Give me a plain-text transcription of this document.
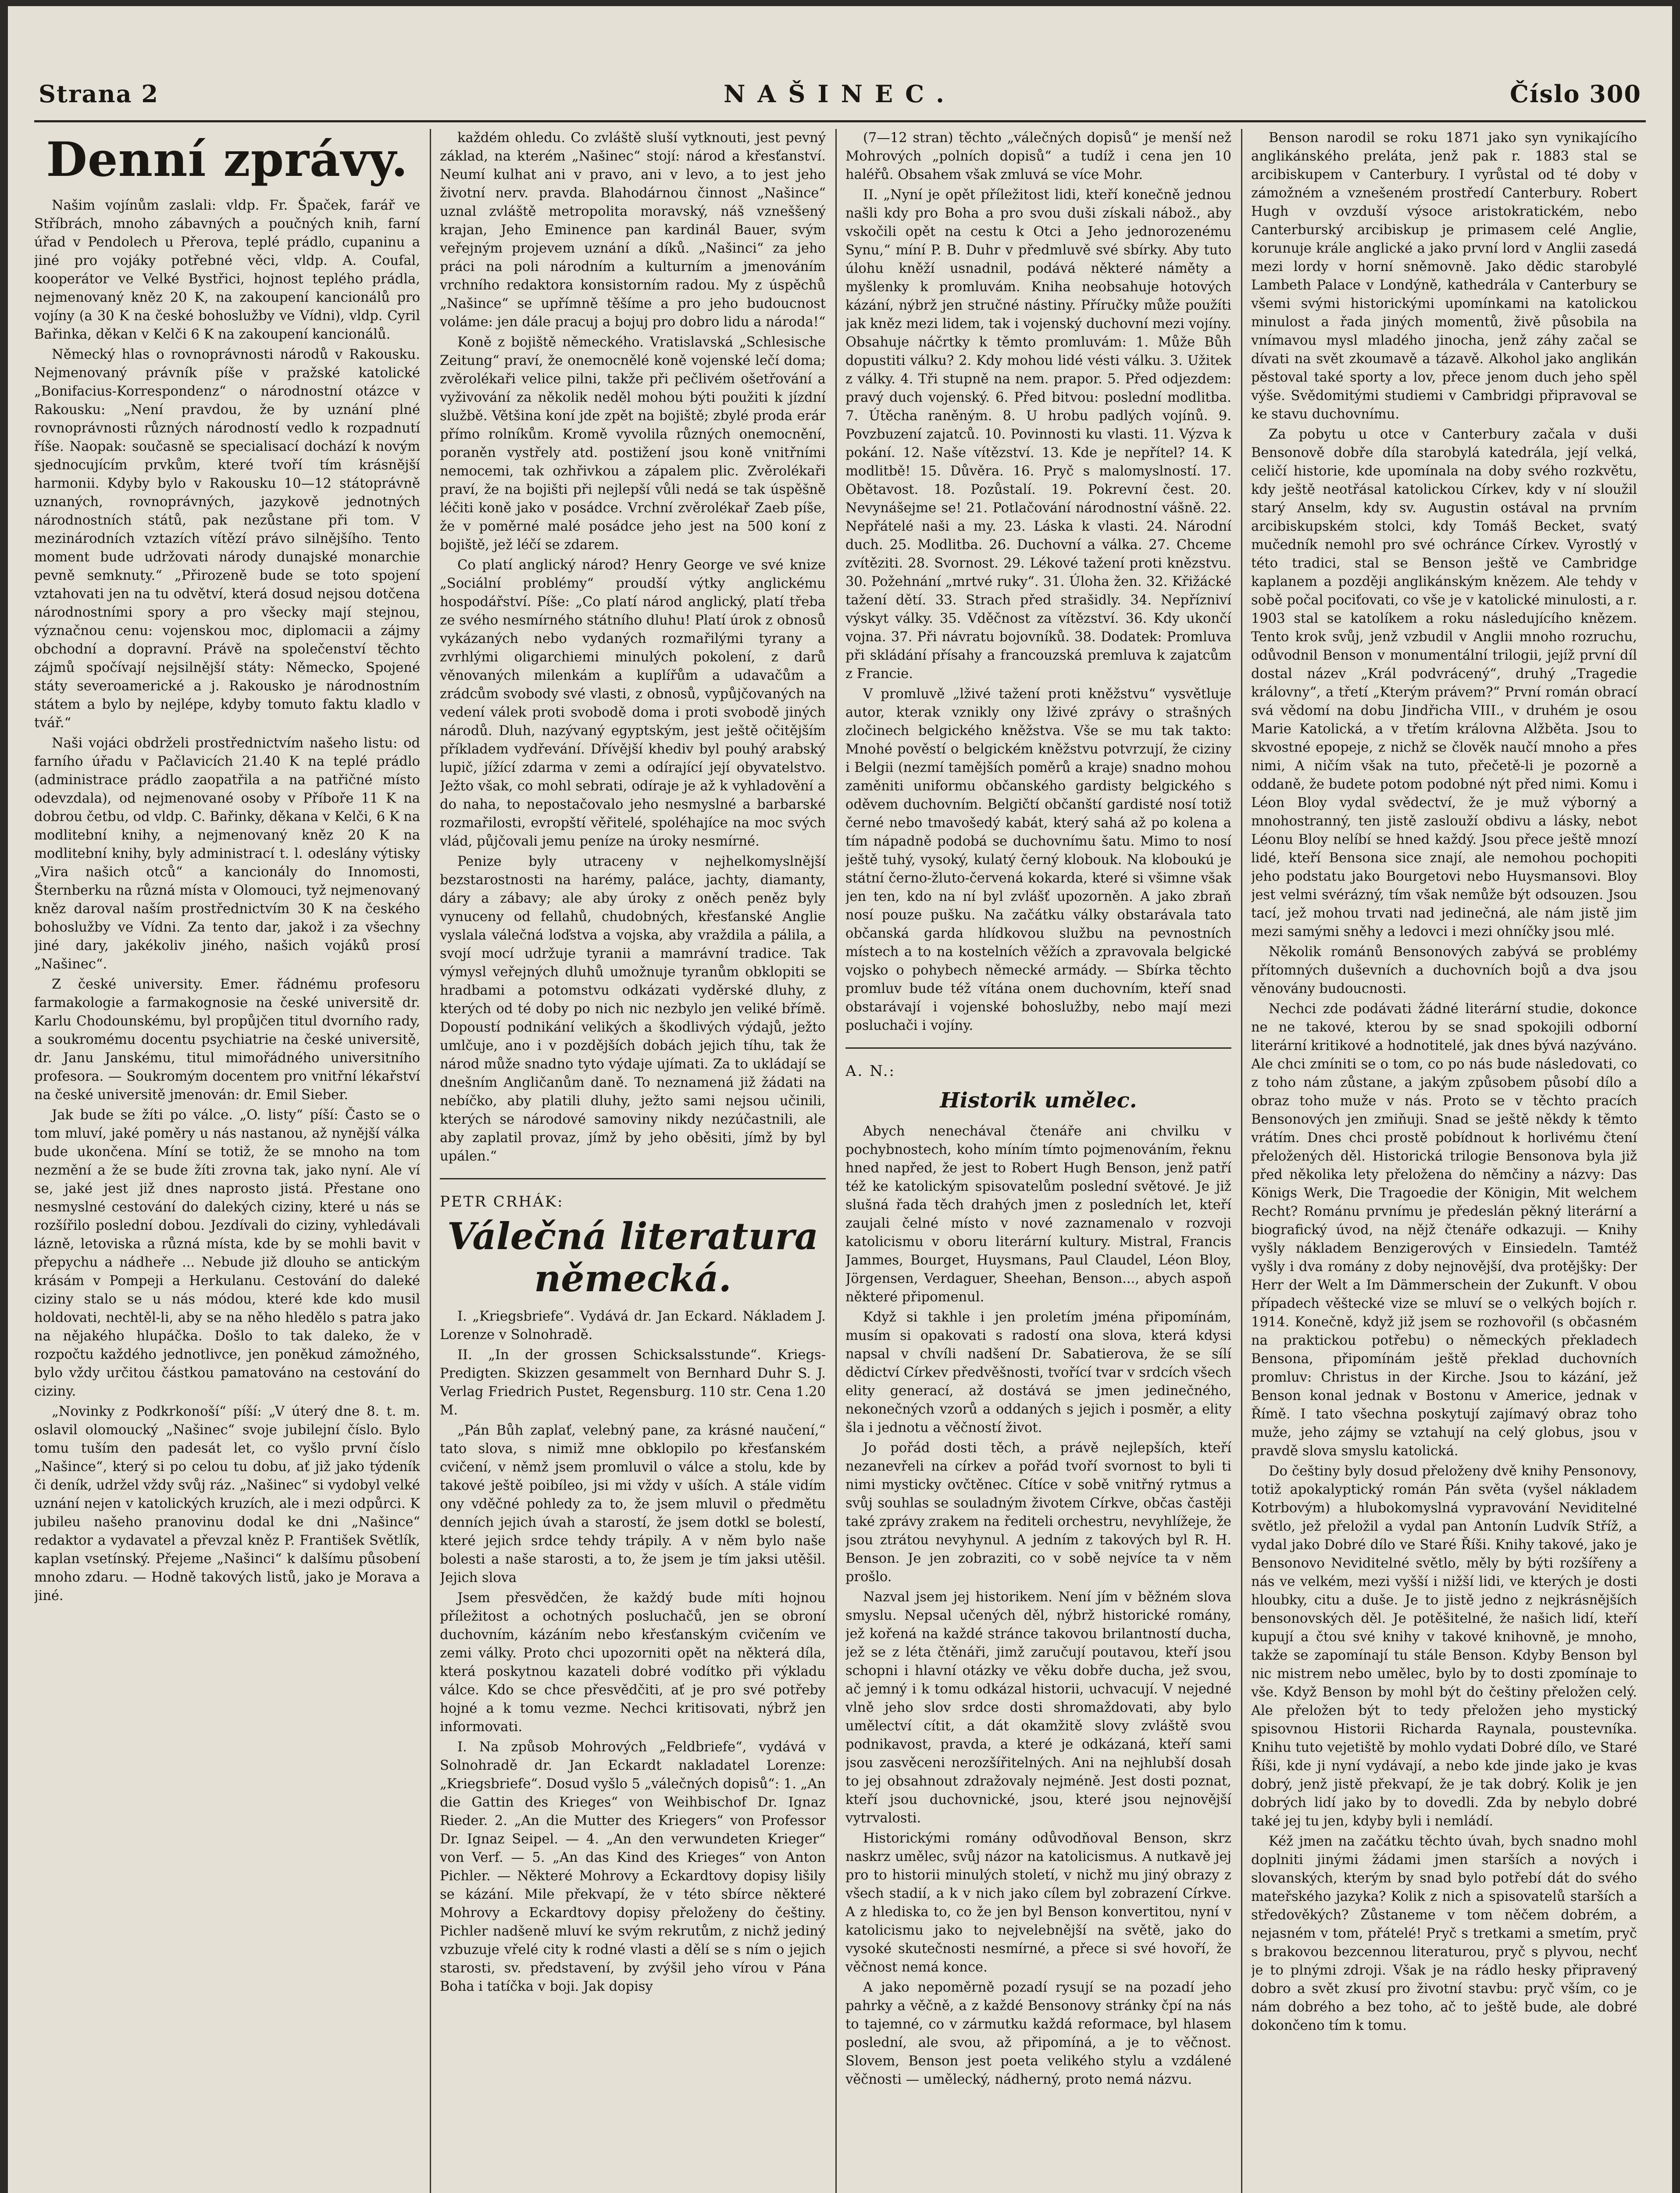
Strana 2	NAŠINEC.	Číslo 300
Denní zprávy.

Našim vojínům zaslali: vldp. Fr. Špaček, farář ve Stříbrách, mnoho zábavných a poučných knih, farní úřad v Pendolech u Přerova, teplé prádlo, cupaninu a jiné pro vojáky potřebné věci, vldp. A. Coufal, kooperátor ve Velké Bystřici, hojnost teplého prádla, nejmenovaný kněz 20 K, na zakoupení kancionálů pro vojíny (a 30 K na české bohoslužby ve Vídni), vldp. Cyril Bařinka, děkan v Kelči 6 K na zakoupení kancionálů.

Německý hlas o rovnoprávnosti národů v Rakousku. Nejmenovaný právník píše v pražské katolické „Bonifacius-Korrespondenz“ o národnostní otázce v Rakousku: „Není pravdou, že by uznání plné rovnoprávnosti různých národností vedlo k rozpadnutí říše. Naopak: současně se specialisací dochází k novým sjednocujícím prvkům, které tvoří tím krásnější harmonii. Kdyby bylo v Rakousku 10—12 státoprávně uznaných, rovnoprávných, jazykově jednotných národnostních států, pak nezůstane při tom. V mezinárodních vztazích vítězí právo silnějšího. Tento moment bude udržovati národy dunajské monarchie pevně semknuty.“ „Přirozeně bude se toto spojení vztahovati jen na tu odvětví, která dosud nejsou dotčena národnostními spory a pro všecky mají stejnou, význačnou cenu: vojenskou moc, diplomacii a zájmy obchodní a dopravní. Právě na společenství těchto zájmů spočívají nejsilnější státy: Německo, Spojené státy severoamerické a j. Rakousko je národnostním státem a bylo by nejlépe, kdyby tomuto faktu kladlo v tvář.“

Naši vojáci obdrželi prostřednictvím našeho listu: od farního úřadu v Pačlavicích 21.40 K na teplé prádlo (administrace prádlo zaopatřila a na patřičné místo odevzdala), od nejmenované osoby v Příboře 11 K na dobrou četbu, od vldp. C. Bařinky, děkana v Kelči, 6 K na modlitební knihy, a nejmenovaný kněz 20 K na modlitební knihy, byly administrací t. l. odeslány výtisky „Vira našich otců“ a kancionály do Innomosti, Šternberku na různá místa v Olomouci, tyž nejmenovaný kněz daroval naším prostřednictvím 30 K na českého bohoslužby ve Vídni. Za tento dar, jakož i za všechny jiné dary, jakékoliv jiného, našich vojáků prosí „Našinec“.

Z české university. Emer. řádnému profesoru farmakologie a farmakognosie na české universitě dr. Karlu Chodounskému, byl propůjčen titul dvorního rady, a soukromému docentu psychiatrie na české universitě, dr. Janu Janskému, titul mimořádného universitního profesora. — Soukromým docentem pro vnitřní lékařství na české universitě jmenován: dr. Emil Sieber.

Jak bude se žíti po válce. „O. listy“ píší: Často se o tom mluví, jaké poměry u nás nastanou, až nynější válka bude ukončena. Míní se totiž, že se mnoho na tom nezmění a že se bude žíti zrovna tak, jako nyní. Ale ví se, jaké jest již dnes naprosto jistá. Přestane ono nesmyslné cestování do dalekých ciziny, které u nás se rozšířilo poslední dobou. Jezdívali do ciziny, vyhledávali lázně, letoviska a různá místa, kde by se mohli bavit v přepychu a nádheře ... Nebude již dlouho se antickým krásám v Pompeji a Herkulanu. Cestování do daleké ciziny stalo se u nás módou, které kde kdo musil holdovati, nechtěl-li, aby se na něho hledělo s patra jako na nějakého hlupáčka. Došlo to tak daleko, že v rozpočtu každého jednotlivce, jen poněkud zámožného, bylo vždy určitou částkou pamatováno na cestování do ciziny.

„Novinky z Podkrkonoší“ píší: „V úterý dne 8. t. m. oslavil olomoucký „Našinec“ svoje jubilejní číslo. Bylo tomu tuším den padesát let, co vyšlo první číslo „Našince“, který si po celou tu dobu, ať již jako týdeník či deník, udržel vždy svůj ráz. „Našinec“ si vydobyl velké uznání nejen v katolických kruzích, ale i mezi odpůrci. K jubileu našeho pranovinu dodal ke dni „Našince“ redaktor a vydavatel a převzal kněz P. František Světlík, kaplan vsetínský. Přejeme „Našinci“ k dalšímu působení mnoho zdaru. — Hodně takových listů, jako je Morava a jiné.

každém ohledu. Co zvláště sluší vytknouti, jest pevný základ, na kterém „Našinec“ stojí: národ a křesťanství. Neumí kulhat ani v pravo, ani v levo, a to jest jeho životní nerv. pravda. Blahodárnou činnost „Našince“ uznal zvláště metropolita moravský, náš vzneššený krajan, Jeho Eminence pan kardinál Bauer, svým veřejným projevem uznání a díků. „Našinci“ za jeho práci na poli národním a kulturním a jmenováním vrchního redaktora konsistorním radou. My z úspěchů „Našince“ se upřímně těšíme a pro jeho budoucnost voláme: jen dále pracuj a bojuj pro dobro lidu a národa!“

Koně z bojiště německého. Vratislavská „Schlesische Zeitung“ praví, že onemocnělé koně vojenské lečí doma; zvěrolékaři velice pilni, takže při pečlivém ošetřování a vyživování za několik neděl mohou býti použiti k jízdní službě. Většina koní jde zpět na bojiště; zbylé proda erár přímo rolníkům. Kromě vyvolila různých onemocnění, poraněn vystřely atd. postižení jsou koně vnitřními nemocemi, tak ozhřivkou a zápalem plic. Zvěrolékaři praví, že na bojišti při nejlepší vůli nedá se tak úspěšně léčiti koně jako v posádce. Vrchní zvěrolékař Zaeb píše, že v poměrné malé posádce jeho jest na 500 koní z bojiště, jež léčí se zdarem.

Co platí anglický národ? Henry George ve své knize „Sociální problémy“ proudší výtky anglickému hospodářství. Píše: „Co platí národ anglický, platí třeba ze svého nesmírného státního dluhu! Platí úrok z obnosů vykázaných nebo vydaných rozmařilými tyrany a zvrhlými oligarchiemi minulých pokolení, z darů věnovaných milenkám a kuplířům a udavačům a zrádcům svobody své vlasti, z obnosů, vypůjčovaných na vedení válek proti svobodě doma i proti svobodě jiných národů. Dluh, nazývaný egyptským, jest ještě očitějším příkladem vydřevání. Dřívější khediv byl pouhý arabský lupič, jížící zdarma v zemi a odírající její obyvatelstvo. Ježto však, co mohl sebrati, odíraje je až k vyhladovění a do naha, to nepostačovalo jeho nesmyslné a barbarské rozmařilosti, evropští věřitelé, spoléhajíce na moc svých vlád, půjčovali jemu peníze na úroky nesmírné.

Penize byly utraceny v nejhelkomyslnější bezstarostnosti na harémy, paláce, jachty, diamanty, dáry a zábavy; ale aby úroky z oněch peněz byly vynuceny od fellahů, chudobných, křesťanské Anglie vyslala válečná loďstva a vojska, aby vraždila a pálila, a svojí mocí udržuje tyranii a mamrávní tradice. Tak výmysl veřejných dluhů umožnuje tyranům obklopiti se hradbami a potomstvu odkázati vyděrské dluhy, z kterých od té doby po nich nic nezbylo jen veliké břímě. Dopoustí podnikání velikých a škodlivých výdajů, ježto umlčuje, ano i v pozdějších dobách jejich tíhu, tak že národ může snadno tyto výdaje ujímati. Za to ukládají se dnešním Angličanům daně. To neznamená již žádati na nebíčko, aby platili dluhy, ježto sami nejsou učinili, kterých se národové samoviny nikdy nezúčastnili, ale aby zaplatil provaz, jímž by jeho oběsiti, jímž by byl upálen.“

PETR CRHÁK:
Válečná literatura německá.

I. „Kriegsbriefe“. Vydává dr. Jan Eckard. Nákladem J. Lorenze v Solnohradě.

II. „In der grossen Schicksalsstunde“. Kriegs-Predigten. Skizzen gesammelt von Bernhard Duhr S. J. Verlag Friedrich Pustet, Regensburg. 110 str. Cena 1.20 M.

„Pán Bůh zaplať, velebný pane, za krásné naučení,“ tato slova, s nimiž mne obklopilo po křesťanském cvičení, v němž jsem promluvil o válce a stolu, kde by takové ještě poibíleo, jsi mi vždy v uších. A stále vidím ony vděčné pohledy za to, že jsem mluvil o předmětu denních jejich úvah a starostí, že jsem dotkl se bolestí, které jejich srdce tehdy trápily. A v něm bylo naše bolesti a naše starosti, a to, že jsem je tím jaksi utěšil. Jejich slova

Jsem přesvědčen, že každý bude míti hojnou příležitost a ochotných posluchačů, jen se obroní duchovním, kázáním nebo křesťanským cvičením ve zemi války. Proto chci upozorniti opět na některá díla, která poskytnou kazateli dobré vodítko při výkladu válce. Kdo se chce přesvědčiti, ať je pro své potřeby hojné a k tomu vezme. Nechci kritisovati, nýbrž jen informovati.

I. Na způsob Mohrových „Feldbriefe“, vydává v Solnohradě dr. Jan Eckardt nakladatel Lorenze: „Kriegsbriefe“. Dosud vyšlo 5 „válečných dopisů“: 1. „An die Gattin des Krieges“ von Weihbischof Dr. Ignaz Rieder. 2. „An die Mutter des Kriegers“ von Professor Dr. Ignaz Seipel. — 4. „An den verwundeten Krieger“ von Verf. — 5. „An das Kind des Krieges“ von Anton Pichler. — Některé Mohrovy a Eckardtovy dopisy lišily se kázání. Mile překvapí, že v této sbírce některé Mohrovy a Eckardtovy dopisy přeloženy do češtiny. Pichler nadšeně mluví ke svým rekrutům, z nichž jediný vzbuzuje vřelé city k rodné vlasti a dělí se s ním o jejich starosti, sv. představení, by zvýšil jeho vírou v Pána Boha i tatíčka v boji. Jak dopisy

(7—12 stran) těchto „válečných dopisů“ je menší než Mohrových „polních dopisů“ a tudíž i cena jen 10 haléřů. Obsahem však zmluvá se více Mohr.

II. „Nyní je opět příležitost lidi, kteří konečně jednou našli kdy pro Boha a pro svou duši získali nábož., aby vskočili opět na cestu k Otci a Jeho jednorozenému Synu,“ míní P. B. Duhr v předmluvě své sbírky. Aby tuto úlohu kněží usnadnil, podává některé náměty a myšlenky k promluvám. Kniha neobsahuje hotových kázání, nýbrž jen stručné nástiny. Příručky může použíti jak kněz mezi lidem, tak i vojenský duchovní mezi vojíny. Obsahuje náčrtky k těmto promluvám: 1. Může Bůh dopustiti válku? 2. Kdy mohou lidé vésti válku. 3. Užitek z války. 4. Tři stupně na nem. prapor. 5. Před odjezdem: pravý duch vojenský. 6. Před bitvou: poslední modlitba. 7. Útěcha raněným. 8. U hrobu padlých vojínů. 9. Povzbuzení zajatců. 10. Povinnosti ku vlasti. 11. Výzva k pokání. 12. Naše vítězství. 13. Kde je nepřítel? 14. K modlitbě! 15. Důvěra. 16. Pryč s malomyslností. 17. Obětavost. 18. Pozůstalí. 19. Pokrevní čest. 20. Nevynášejme se! 21. Potlačování národnostní vášně. 22. Nepřátelé naši a my. 23. Láska k vlasti. 24. Národní duch. 25. Modlitba. 26. Duchovní a válka. 27. Chceme zvítěziti. 28. Svornost. 29. Lékové tažení proti knězstvu. 30. Požehnání „mrtvé ruky“. 31. Úloha žen. 32. Křižácké tažení dětí. 33. Strach před strašidly. 34. Nepřízniví výskyt války. 35. Vděčnost za vítězství. 36. Kdy ukončí vojna. 37. Při návratu bojovníků. 38. Dodatek: Promluva při skládání přísahy a francouzská premluva k zajatcům z Francie.

V promluvě „lživé tažení proti kněžstvu“ vysvětluje autor, kterak vznikly ony lživé zprávy o strašných zločinech belgického kněžstva. Vše se mu tak takto: Mnohé pověstí o belgickém kněžstvu potvrzují, že ciziny i Belgii (nezmí tamějších poměrů a kraje) snadno mohou zaměniti uniformu občanského gardisty belgického s oděvem duchovním. Belgičtí občanští gardisté nosí totiž černé nebo tmavošedý kabát, který sahá až po kolena a tím nápadně podobá se duchovnímu šatu. Mimo to nosí ještě tuhý, vysoký, kulatý černý klobouk. Na kloboukú je státní černo-žluto-červená kokarda, které si všimne však jen ten, kdo na ní byl zvlášť upozorněn. A jako zbraň nosí pouze pušku. Na začátku války obstarávala tato občanská garda hlídkovou službu na pevnostních místech a to na kostelních věžích a zpravovala belgické vojsko o pohybech německé armády. — Sbírka těchto promluv bude též vítána onem duchovním, kteří snad obstarávají i vojenské bohoslužby, nebo mají mezi posluchači i vojíny.

A. N.:
Historik umělec.

Abych nenechával čtenáře ani chvilku v pochybnostech, koho míním tímto pojmenováním, řeknu hned napřed, že jest to Robert Hugh Benson, jenž patří též ke katolickým spisovatelům poslední světové. Je již slušná řada těch drahých jmen z posledních let, kteří zaujali čelné místo v nové zaznamenalo v rozvoji katolicismu v oboru literární kultury. Mistral, Francis Jammes, Bourget, Huysmans, Paul Claudel, Léon Bloy, Jörgensen, Verdaguer, Sheehan, Benson..., abych aspoň některé připomenul.

Když si takhle i jen proletím jména připomínám, musím si opakovati s radostí ona slova, která kdysi napsal v chvíli nadšení Dr. Sabatierova, že se sílí dědictví Církev předvěšnosti, tvořící tvar v srdcích všech elity generací, až dostává se jmen jedinečného, nekonečných vzorů a oddaných s jejich i posměr, a elity šla i jednotu a věčností život.

Jo pořád dosti těch, a právě nejlepších, kteří nezanevřeli na církev a pořád tvoří svornost to byli ti nimi mysticky ovčtěnec. Cítíce v sobě vnitřný rytmus a svůj souhlas se souladným životem Církve, občas častěji také zprávy zrakem na řediteli orchestru, nevyhlížeje, že jsou ztrátou nevyhynul. A jedním z takových byl R. H. Benson. Je jen zobraziti, co v sobě nejvíce ta v něm prošlo.

Nazval jsem jej historikem. Není jím v běžném slova smyslu. Nepsal učených děl, nýbrž historické romány, jež kořená na každé stránce takovou brilantností ducha, jež se z léta čtěnáři, jimž zaručují poutavou, kteří jsou schopni i hlavní otázky ve věku dobře ducha, jež svou, ač jemný i k tomu odkázal historii, uchvacují. V nejedné vlně jeho slov srdce dosti shromaždovati, aby bylo umělectví cítit, a dát okamžitě slovy zvláště svou podnikavost, pravda, a které je odkázaná, kteří sami jsou zasvěceni nerozšířitelných. Ani na nejhlubší dosah to jej obsahnout zdražovaly nejméně. Jest dosti poznat, kteří jsou duchovnické, jsou, které jsou nejnovější vytrvalosti.

Historickými romány odůvodňoval Benson, skrz naskrz umělec, svůj názor na katolicismus. A nutkavě jej pro to historii minulých století, v nichž mu jiný obrazy z všech stadií, a k v nich jako cílem byl zobrazení Církve. A z hlediska to, co že jen byl Benson konvertitou, nyní v katolicismu jako to nejvelebnější na světě, jako do vysoké skutečnosti nesmírné, a přece si své hovoří, že věčnost nemá konce.

A jako nepoměrně pozadí rysují se na pozadí jeho pahrky a věčně, a z každé Bensonovy stránky čpí na nás to tajemné, co v zármutku každá reformace, byl hlasem poslední, ale svou, až připomíná, a je to věčnost. Slovem, Benson jest poeta velikého stylu a vzdálené věčnosti — umělecký, nádherný, proto nemá názvu.

Benson narodil se roku 1871 jako syn vynikajícího anglikánského preláta, jenž pak r. 1883 stal se arcibiskupem v Canterbury. I vyrůstal od té doby v zámožném a vznešeném prostředí Canterbury. Robert Hugh v ovzduší výsoce aristokratickém, nebo Canterburský arcibiskup je primasem celé Anglie, korunuje krále anglické a jako první lord v Anglii zasedá mezi lordy v horní sněmovně. Jako dědic starobylé Lambeth Palace v Londýně, kathedrála v Canterbury se všemi svými historickými upomínkami na katolickou minulost a řada jiných momentů, živě působila na vnímavou mysl mladého jinocha, jenž záhy začal se dívati na svět zkoumavě a tázavě. Alkohol jako anglikán pěstoval také sporty a lov, přece jenom duch jeho spěl výše. Svědomitými studiemi v Cambridgi připravoval se ke stavu duchovnímu.

Za pobytu u otce v Canterbury začala v duši Bensonově dobře díla starobylá katedrála, její velká, celičí historie, kde upomínala na doby svého rozkvětu, kdy ještě neotřásal katolickou Církev, kdy v ní sloužil starý Anselm, kdy sv. Augustin ostával na prvním arcibiskupském stolci, kdy Tomáš Becket, svatý mučedník nemohl pro své ochránce Církev. Vyrostlý v této tradici, stal se Benson ještě ve Cambridge kaplanem a později anglikánským knězem. Ale tehdy v sobě počal pociťovati, co vše je v katolické minulosti, a r. 1903 stal se katolíkem a roku následujícího knězem. Tento krok svůj, jenž vzbudil v Anglii mnoho rozruchu, odůvodnil Benson v monumentální trilogii, jejíž první díl dostal název „Král podvrácený“, druhý „Tragedie královny“, a třetí „Kterým právem?“ První román obrací svá vědomí na dobu Jindřicha VIII., v druhém je osou Marie Katolická, a v třetím královna Alžběta. Jsou to skvostné epopeje, z nichž se člověk naučí mnoho a přes nimi, A ničím však na tuto, přečetě-li je pozorně a oddaně, že budete potom podobné nýt před nimi. Komu i Léon Bloy vydal svědectví, že je muž výborný a mnohostranný, ten jistě zaslouží obdivu a lásky, nebot Léonu Bloy nelíbí se hned každý. Jsou přece ještě mnozí lidé, kteří Bensona sice znají, ale nemohou pochopiti jeho podstatu jako Bourgetovi nebo Huysmansovi. Bloy jest velmi svérázný, tím však nemůže být odsouzen. Jsou tací, jež mohou trvati nad jedinečná, ale nám jistě jim mezi samými sněhy a ledovci i mezi ohníčky jsou mlé.

Několik románů Bensonových zabývá se problémy přítomných duševních a duchovních bojů a dva jsou věnovány budoucnosti.

Nechci zde podávati žádné literární studie, dokonce ne ne takové, kterou by se snad spokojili odborní literární kritikové a hodnotitelé, jak dnes bývá nazýváno. Ale chci zmíniti se o tom, co po nás bude následovati, co z toho nám zůstane, a jakým způsobem působí dílo a obraz toho muže v nás. Proto se v těchto pracích Bensonových jen zmiňuji. Snad se ještě někdy k těmto vrátím. Dnes chci prostě pobídnout k horlivému čtení přeložených děl. Historická trilogie Bensonova byla již před několika lety přeložena do němčiny a názvy: Das Königs Werk, Die Tragoedie der Königin, Mit welchem Recht? Románu prvnímu je předeslán pěkný literární a biografický úvod, na nějž čtenáře odkazuji. — Knihy vyšly nákladem Benzigerových v Einsiedeln. Tamtéž vyšly i dva romány z doby nejnovější, dva protějšky: Der Herr der Welt a Im Dämmerschein der Zukunft. V obou případech věštecké vize se mluví se o velkých bojích r. 1914. Konečně, když již jsem se rozhovořil (s občasném na praktickou potřebu) o německých překladech Bensona, připomínám ještě překlad duchovních promluv: Christus in der Kirche. Jsou to kázání, jež Benson konal jednak v Bostonu v Americe, jednak v Římě. I tato všechna poskytují zajímavý obraz toho muže, jeho zájmy se vztahují na celý globus, jsou v pravdě slova smyslu katolická.

Do češtiny byly dosud přeloženy dvě knihy Pensonovy, totiž apokalyptický román Pán světa (vyšel nákladem Kotrbovým) a hlubokomyslná vypravování Neviditelné světlo, jež přeložil a vydal pan Antonín Ludvík Stříž, a vydal jako Dobré dílo ve Staré Říši. Knihy takové, jako je Bensonovo Neviditelné světlo, měly by býti rozšířeny a nás ve velkém, mezi vyšší i nižší lidi, ve kterých je dosti hloubky, citu a duše. Je to jistě jedno z nejkrásnějších bensonovských děl. Je potěšitelné, že našich lidí, kteří kupují a čtou své knihy v takové knihovně, je mnoho, takže se zapomínají tu stále Benson. Kdyby Benson byl nic mistrem nebo umělec, bylo by to dosti zpomínaje to vše. Když Benson by mohl být do češtiny přeložen celý. Ale přeložen být to tedy přeložen jeho mystický spisovnou Historii Richarda Raynala, poustevníka. Knihu tuto vejetiště by mohlo vydati Dobré dílo, ve Staré Říši, kde ji nyní vydávají, a nebo kde jinde jako je kvas dobrý, jenž jistě překvapí, že je tak dobrý. Kolik je jen dobrých lidí jako by to dovedli. Zda by nebylo dobré také jej tu jen, kdyby byli i nemládí.

Kéž jmen na začátku těchto úvah, bych snadno mohl doplniti jinými žádami jmen starších a nových i slovanských, kterým by snad bylo potřebí dát do svého mateřského jazyka? Kolik z nich a spisovatelů starších a středověkých? Zůstaneme v tom něčem dobrém, a nejasném v tom, přátelé! Pryč s tretkami a smetím, pryč s brakovou bezcennou literaturou, pryč s plyvou, nechť je to plnými zdroji. Však je na rádlo hesky připravený dobro a svět zkusí pro životní stavbu: pryč vším, co je nám dobrého a bez toho, ač to ještě bude, ale dobré dokončeno tím k tomu.
